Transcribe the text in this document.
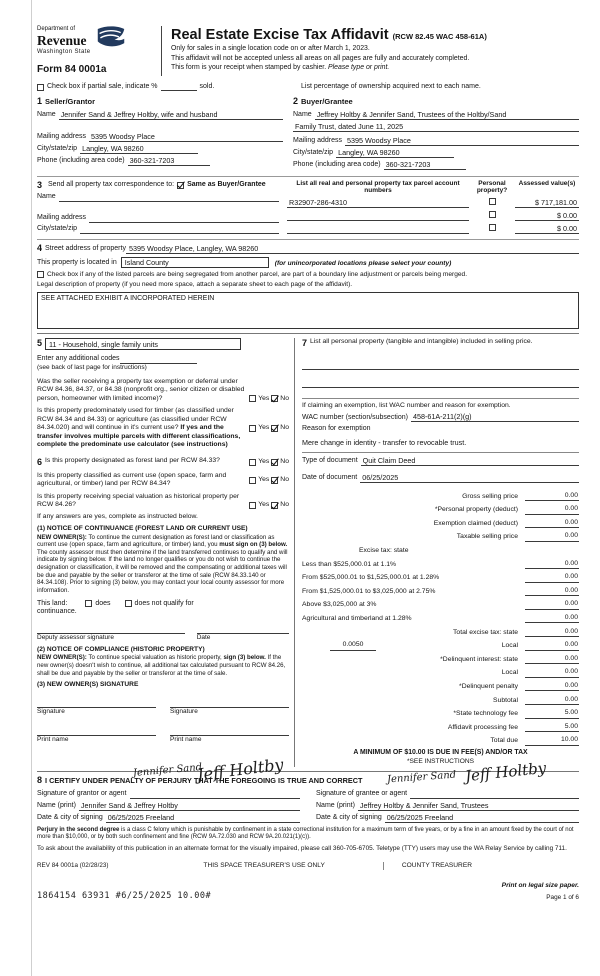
Department of
Revenue
Washington State
Form 84 0001a
Real Estate Excise Tax Affidavit (RCW 82.45 WAC 458-61A)
Only for sales in a single location code on or after March 1, 2023.
This affidavit will not be accepted unless all areas on all pages are fully and accurately completed.
This form is your receipt when stamped by cashier. Please type or print.
Check box if partial sale, indicate %	sold.	List percentage of ownership acquired next to each name.
1 Seller/Grantor
Name Jennifer Sand & Jeffrey Holtby, wife and husband
Mailing address 5395 Woodsy Place
City/state/zip Langley, WA 98260
Phone (including area code) 360-321-7203
2 Buyer/Grantee
Name Jeffrey Holtby & Jennifer Sand, Trustees of the Holtby/Sand
Family Trust, dated June 11, 2025
Mailing address 5395 Woodsy Place
City/state/zip Langley, WA 98260
Phone (including area code) 360-321-7203
3 Send all property tax correspondence to: Same as Buyer/Grantee
Name
Mailing address
City/state/zip
List all real and personal property tax parcel account numbers
Personal property?
Assessed value(s)
R32907-286-4310	$ 717,181.00
$ 0.00
$ 0.00
4 Street address of property 5395 Woodsy Place, Langley, WA 98260
This property is located in	Island County	(for unincorporated locations please select your county)
Check box if any of the listed parcels are being segregated from another parcel, are part of a boundary line adjustment or parcels being merged.
Legal description of property (if you need more space, attach a separate sheet to each page of the affidavit).
SEE ATTACHED EXHIBIT A INCORPORATED HEREIN
5 11 - Household, single family units
Enter any additional codes
(see back of last page for instructions)
Was the seller receiving a property tax exemption or deferral under RCW 84.36, 84.37, or 84.38 (nonprofit org., senior citizen or disabled person, homeowner with limited income)?	Yes No
Is this property predominately used for timber (as classified under RCW 84.34 and 84.33) or agriculture (as classified under RCW 84.34.020) and will continue in it's current use? If yes and the transfer involves multiple parcels with different classifications, complete the predominate use calculator (see instructions)
Yes No
6 Is this property designated as forest land per RCW 84.33?	Yes No
Is this property classified as current use (open space, farm and agricultural, or timber) land per RCW 84.34?
Yes No
Is this property receiving special valuation as historical property per RCW 84.26?	Yes No
If any answers are yes, complete as instructed below.
(1) NOTICE OF CONTINUANCE (FOREST LAND OR CURRENT USE)

NEW OWNER(S): To continue the current designation as forest land or classification as current use (open space, farm and agriculture, or timber) land, you must sign on (3) below. The county assessor must then determine if the land transferred continues to qualify and will indicate by signing below. If the land no longer qualifies or you do not wish to continue the designation or classification, it will be removed and the compensating or additional taxes will be due and payable by the seller or transferor at the time of sale (RCW 84.33.140 or 84.34.108). Prior to signing (3) below, you may contact your local county assessor for more information.

This land:	does	does not qualify for
continuance.
Deputy assessor signature	Date
(2) NOTICE OF COMPLIANCE (HISTORIC PROPERTY)

NEW OWNER(S): To continue special valuation as historic property, sign (3) below. If the new owner(s) doesn't wish to continue, all additional tax calculated pursuant to RCW 84.26, shall be due and payable by the seller or transferor at the time of sale.

(3) NEW OWNER(S) SIGNATURE
Signature	Signature
Print name	Print name
7 List all personal property (tangible and intangible) included in selling price.
If claiming an exemption, list WAC number and reason for exemption.
WAC number (section/subsection) 458-61A-211(2)(g)
Reason for exemption
Mere change in identity - transfer to revocable trust.
Type of document Quit Claim Deed
Date of document 06/25/2025
Gross selling price	0.00
*Personal property (deduct)	0.00
Exemption claimed (deduct)	0.00
Taxable selling price	0.00
Excise tax: state
Less than $525,000.01 at 1.1%	0.00
From $525,000.01 to $1,525,000.01 at 1.28%	0.00
From $1,525,000.01 to $3,025,000 at 2.75%	0.00
Above $3,025,000 at 3%	0.00
Agricultural and timberland at 1.28%	0.00
Total excise tax: state	0.00
0.0050	Local	0.00
*Delinquent interest: state	0.00
Local	0.00
*Delinquent penalty	0.00
Subtotal	0.00
*State technology fee	5.00
Affidavit processing fee	5.00
Total due	10.00
A MINIMUM OF $10.00 IS DUE IN FEE(S) AND/OR TAX
*SEE INSTRUCTIONS
8 I CERTIFY UNDER PENALTY OF PERJURY THAT THE FOREGOING IS TRUE AND CORRECT
Signature of grantor or agent
Name (print) Jennifer Sand & Jeffrey Holtby
Date & city of signing 06/25/2025 Freeland
Signature of grantee or agent
Name (print) Jeffrey Holtby & Jennifer Sand, Trustees
Date & city of signing 06/25/2025 Freeland
Jennifer Sand
Jeff Holtby	Jennifer Sand Jeff Holtby

Perjury in the second degree is a class C felony which is punishable by confinement in a state correctional institution for a maximum term of five years, or by a fine in an amount fixed by the court of not more than $10,000, or by both such confinement and fine (RCW 9A.72.030 and RCW 9A.20.021(1)(c)).

To ask about the availability of this publication in an alternate format for the visually impaired, please call 360-705-6705. Teletype (TTY) users may use the WA Relay Service by calling 711.

REV 84 0001a (02/28/23)	THIS SPACE TREASURER'S USE ONLY	COUNTY TREASURER
1864154 63931 #6/25/2025 10.00#
Print on legal size paper.
Page 1 of 6
